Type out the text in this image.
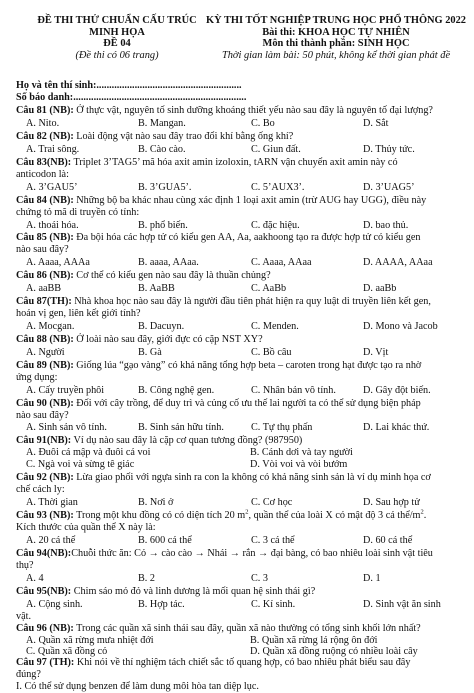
ĐỀ THI THỬ CHUẨN CẤU TRÚC
MINH HỌA
ĐỀ 04
(Đề thi có 06 trang)
KỲ THI TỐT NGHIỆP TRUNG HỌC PHỔ THÔNG 2022
Bài thi: KHOA HỌC TỰ NHIÊN
Môn thi thành phần: SINH HỌC
Thời gian làm bài: 50 phút, không kể thời gian phát đề
Họ và tên thí sinh:.........................................................
Số báo danh:....................................................................
Câu 81 (NB): Ở thực vật, nguyên tố sinh dưỡng khoáng thiết yếu nào sau đây là nguyên tố đại lượng?
A. Nito.	B. Mangan.	C. Bo	D. Sắt
Câu 82 (NB): Loài động vật nào sau đây trao đổi khí bằng ống khí?
A. Trai sông.	B. Cào cào.	C. Giun đất.	D. Thủy tức.
Câu 83(NB): Triplet 3’TAG5’ mã hóa axit amin izoloxin, tARN vận chuyển axit amin này có
anticodon là:
A. 3’GAU5’	B. 3’GUA5’.	C. 5’AUX3’.	D. 3’UAG5’
Câu 84 (NB): Những bộ ba khác nhau cùng xác định 1 loại axit amin (trừ AUG hay UGG), điều này
chứng tỏ mã di truyền có tính:
A. thoái hóa.	B. phổ biến.	C. đặc hiệu.	D. bao thủ.
Câu 85 (NB): Đa bội hóa các hợp tử có kiểu gen AA, Aa, aakhoong tạo ra được hợp tử có kiểu gen
nào sau đây?
A. Aaaa, AAAa	B. aaaa, AAaa.	C. Aaaa, AAaa	D. AAAA, AAaa
Câu 86 (NB): Cơ thể có kiểu gen nào sau đây là thuần chủng?
A. aaBB	B. AaBB	C. AaBb	D. aaBb
Câu 87(TH): Nhà khoa học nào sau đây là người đầu tiên phát hiện ra quy luật di truyền liên kết gen,
hoán vị gen, liên kết giới tính?
A. Mocgan.	B. Dacuyn.	C. Menden.	D. Mono và Jacob
Câu 88 (NB): Ở loài nào sau đây, giới đực có cặp NST XY?
A. Người	B. Gà	C. Bồ câu	D. Vịt
Câu 89 (NB): Giống lúa “gạo vàng” có khả năng tổng hợp beta – caroten trong hạt được tạo ra nhờ
ứng dụng:
A. Cấy truyền phôi	B. Công nghệ gen.	C. Nhân bản vô tính.	D. Gây đột biến.
Câu 90 (NB): Đối với cây trồng, để duy trì và củng cố ưu thế lai người ta có thể sử dụng biện pháp
nào sau đây?
A. Sinh sản vô tính.	B. Sinh sản hữu tính.	C. Tự thụ phấn	D. Lai khác thứ.
Câu 91(NB): Ví dụ nào sau đây là cặp cơ quan tương đồng? (987950)
A. Đuôi cá mập và đuôi cá voi	B. Cánh dơi và tay người
C. Ngà voi và sừng tê giác	D. Vòi voi và vòi bướm
Câu 92 (NB): Lừa giao phối với ngựa sinh ra con la không có khả năng sinh sản là ví dụ minh họa cơ
chế cách ly:
A. Thời gian	B. Nơi ở	C. Cơ học	D. Sau hợp tử
Câu 93 (NB): Trong một khu đồng có có diện tích 20 $m^2$, quần thể của loài X có mật độ 3 cá thể/$m^2$.
Kích thước của quần thể X này là:
A. 20 cá thể	B. 600 cá thể	C. 3 cá thể	D. 60 cá thể
Câu 94(NB):Chuỗi thức ăn: Cỏ → cào cào → Nhái → rắn → đại bàng, có bao nhiêu loài sinh vật tiêu
thụ?
A. 4	B. 2	C. 3	D. 1
Câu 95(NB): Chim sáo mỏ đỏ và linh dương là mối quan hệ sinh thái gì?
A. Cộng sinh.	B. Hợp tác.	C. Kí sinh.	D. Sinh vật ăn sinh
vật.
Câu 96 (NB): Trong các quần xã sinh thái sau đây, quần xã nào thường có tổng sinh khối lớn nhất?
A. Quần xã rừng mưa nhiệt đới	B. Quần xã rừng lá rộng ôn đới
C. Quần xã đồng cỏ	D. Quần xã đồng ruộng có nhiều loài cây
Câu 97 (TH): Khi nói về thí nghiệm tách chiết sắc tố quang hợp, có bao nhiêu phát biểu sau đây
đúng?
I. Có thể sử dụng benzen để làm dung môi hòa tan diệp lục.
